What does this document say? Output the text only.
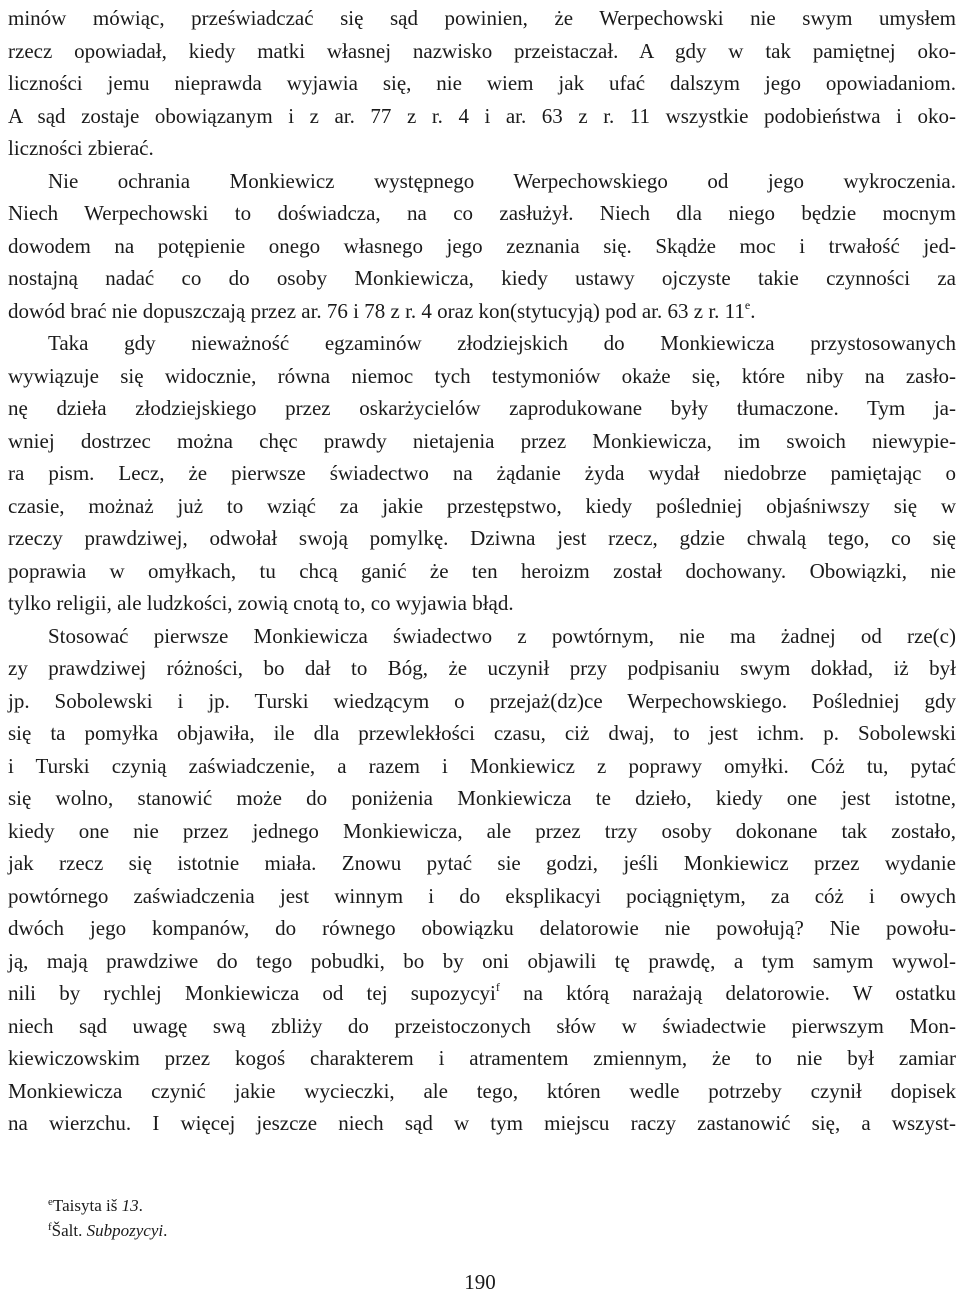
minów mówiąc, przeświadczać się sąd powinien, że Werpechowski nie swym umysłem
rzecz opowiadał, kiedy matki własnej nazwisko przeistaczał. A gdy w tak pamiętnej oko-
liczności jemu nieprawda wyjawia się, nie wiem jak ufać dalszym jego opowiadaniom.
A sąd zostaje obowiązanym i z ar. 77 z r. 4 i ar. 63 z r. 11 wszystkie podobieństwa i oko-
liczności zbierać.
Nie ochrania Monkiewicz występnego Werpechowskiego od jego wykroczenia.
Niech Werpechowski to doświadcza, na co zasłużył. Niech dla niego będzie mocnym
dowodem na potępienie onego własnego jego zeznania się. Skądże moc i trwałość jed-
nostajną nadać co do osoby Monkiewicza, kiedy ustawy ojczyste takie czynności za
dowód brać nie dopuszczają przez ar. 76 i 78 z r. 4 oraz kon(stytucyją) pod ar. 63 z r. 11e.
Taka gdy nieważność egzaminów złodziejskich do Monkiewicza przystosowanych
wywiązuje się widocznie, równa niemoc tych testymoniów okaże się, które niby na zasło-
nę dzieła złodziejskiego przez oskarżycielów zaprodukowane były tłumaczone. Tym ja-
wniej dostrzec można chęc prawdy nietajenia przez Monkiewicza, im swoich niewypie-
ra pism. Lecz, że pierwsze świadectwo na żądanie żyda wydał niedobrze pamiętając o
czasie, możnaż już to wziąć za jakie przestępstwo, kiedy pośledniej objaśniwszy się w
rzeczy prawdziwej, odwołał swoją pomylkę. Dziwna jest rzecz, gdzie chwalą tego, co się
poprawia w omyłkach, tu chcą ganić że ten heroizm został dochowany. Obowiązki, nie
tylko religii, ale ludzkości, zowią cnotą to, co wyjawia błąd.
Stosować pierwsze Monkiewicza świadectwo z powtórnym, nie ma żadnej od rze(c)
zy prawdziwej różności, bo dał to Bóg, że uczynił przy podpisaniu swym dokład, iż był
jp. Sobolewski i jp. Turski wiedzącym o przejaż(dz)ce Werpechowskiego. Pośledniej gdy
się ta pomyłka objawiła, ile dla przewlekłości czasu, ciż dwaj, to jest ichm. p. Sobolewski
i Turski czynią zaświadczenie, a razem i Monkiewicz z poprawy omyłki. Cóż tu, pytać
się wolno, stanowić może do poniżenia Monkiewicza te dzieło, kiedy one jest istotne,
kiedy one nie przez jednego Monkiewicza, ale przez trzy osoby dokonane tak zostało,
jak rzecz się istotnie miała. Znowu pytać sie godzi, jeśli Monkiewicz przez wydanie
powtórnego zaświadczenia jest winnym i do eksplikacyi pociągniętym, za cóż i owych
dwóch jego kompanów, do równego obowiązku delatorowie nie powołują? Nie powołu-
ją, mają prawdziwe do tego pobudki, bo by oni objawili tę prawdę, a tym samym wywol-
nili by rychlej Monkiewicza od tej supozycyi$^f$ na którą narażają delatorowie. W ostatku
niech sąd uwagę swą zbliży do przeistoczonych słów w świadectwie pierwszym Mon-
kiewiczowskim przez kogoś charakterem i atramentem zmiennym, że to nie był zamiar
Monkiewicza czynić jakie wycieczki, ale tego, któren wedle potrzeby czynił dopisek
na wierzchu. I więcej jeszcze niech sąd w tym miejscu raczy zastanowić się, a wszyst-
$^e$Taisyta iš 13.
$^f$Šalt. Subpozycyi.
190
